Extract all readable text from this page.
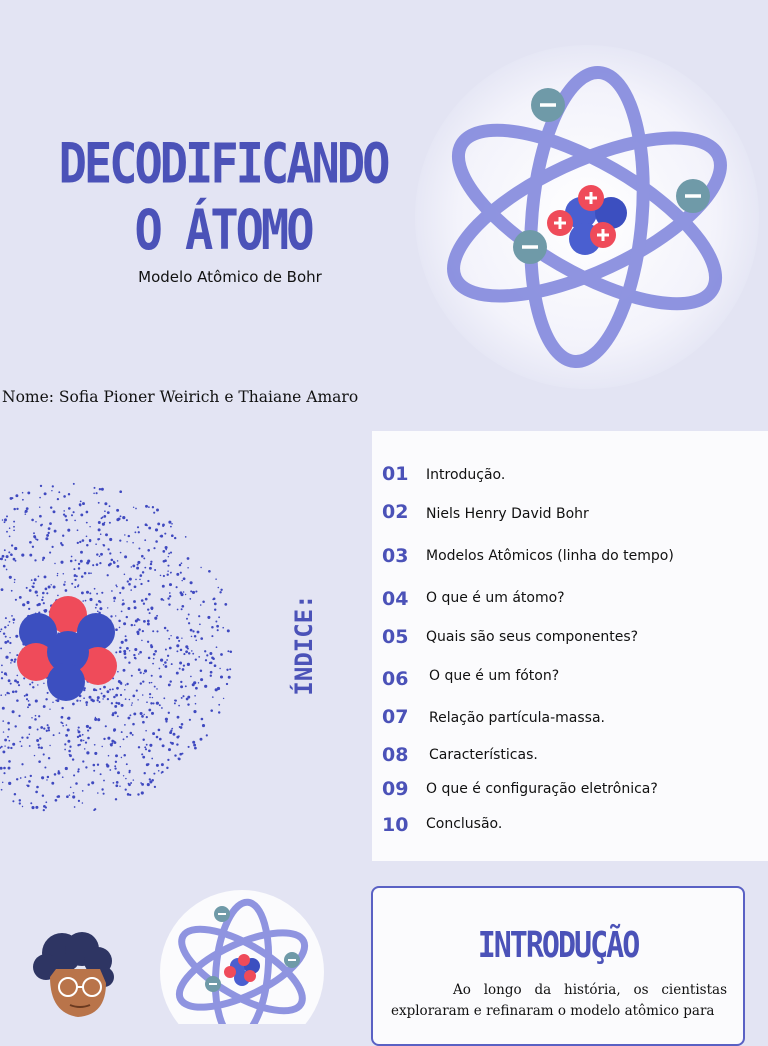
DECODIFICANDO
O ÁTOMO
Modelo Atômico de Bohr
Nome: Sofia Pioner Weirich e Thaiane Amaro
ÍNDICE:
01 Introdução.
02 Niels Henry David Bohr
03 Modelos Atômicos (linha do tempo)
04 O que é um átomo?
05 Quais são seus componentes?
06 O que é um fóton?
07 Relação partícula-massa.
08 Características.
09 O que é configuração eletrônica?
10 Conclusão.
INTRODUÇÃO
Ao longo da história, os cientistas exploraram e refinaram o modelo atômico para
